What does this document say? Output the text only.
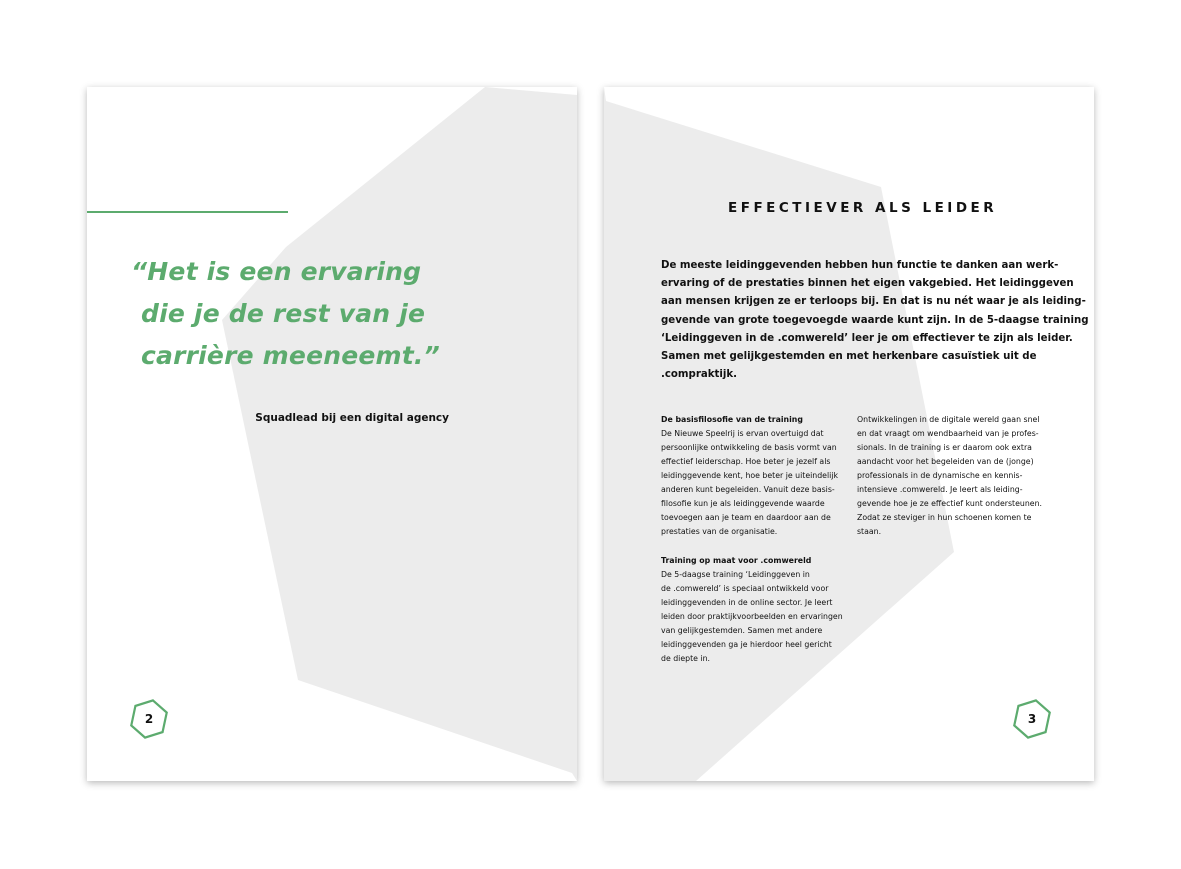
“Het is een ervaring
die je de rest van je
carrière meeneemt.”
Squadlead bij een digital agency
2
EFFECTIEVER ALS LEIDER
De meeste leidinggevenden hebben hun functie te danken aan werk-
ervaring of de prestaties binnen het eigen vakgebied. Het leidinggeven
aan mensen krijgen ze er terloops bij. En dat is nu nét waar je als leiding-
gevende van grote toegevoegde waarde kunt zijn. In de 5-daagse training
‘Leidinggeven in de .comwereld’ leer je om effectiever te zijn als leider.
Samen met gelijkgestemden en met herkenbare casuïstiek uit de
.compraktijk.
De basisfilosofie van de training
De Nieuwe Speelrij is ervan overtuigd dat
persoonlijke ontwikkeling de basis vormt van
effectief leiderschap. Hoe beter je jezelf als
leidinggevende kent, hoe beter je uiteindelijk
anderen kunt begeleiden. Vanuit deze basis-
filosofie kun je als leidinggevende waarde
toevoegen aan je team en daardoor aan de
prestaties van de organisatie.
Training op maat voor .comwereld
De 5-daagse training ‘Leidinggeven in
de .comwereld’ is speciaal ontwikkeld voor
leidinggevenden in de online sector. Je leert
leiden door praktijkvoorbeelden en ervaringen
van gelijkgestemden. Samen met andere
leidinggevenden ga je hierdoor heel gericht
de diepte in.
Ontwikkelingen in de digitale wereld gaan snel
en dat vraagt om wendbaarheid van je profes-
sionals. In de training is er daarom ook extra
aandacht voor het begeleiden van de (jonge)
professionals in de dynamische en kennis-
intensieve .comwereld. Je leert als leiding-
gevende hoe je ze effectief kunt ondersteunen.
Zodat ze steviger in hun schoenen komen te
staan.
3
